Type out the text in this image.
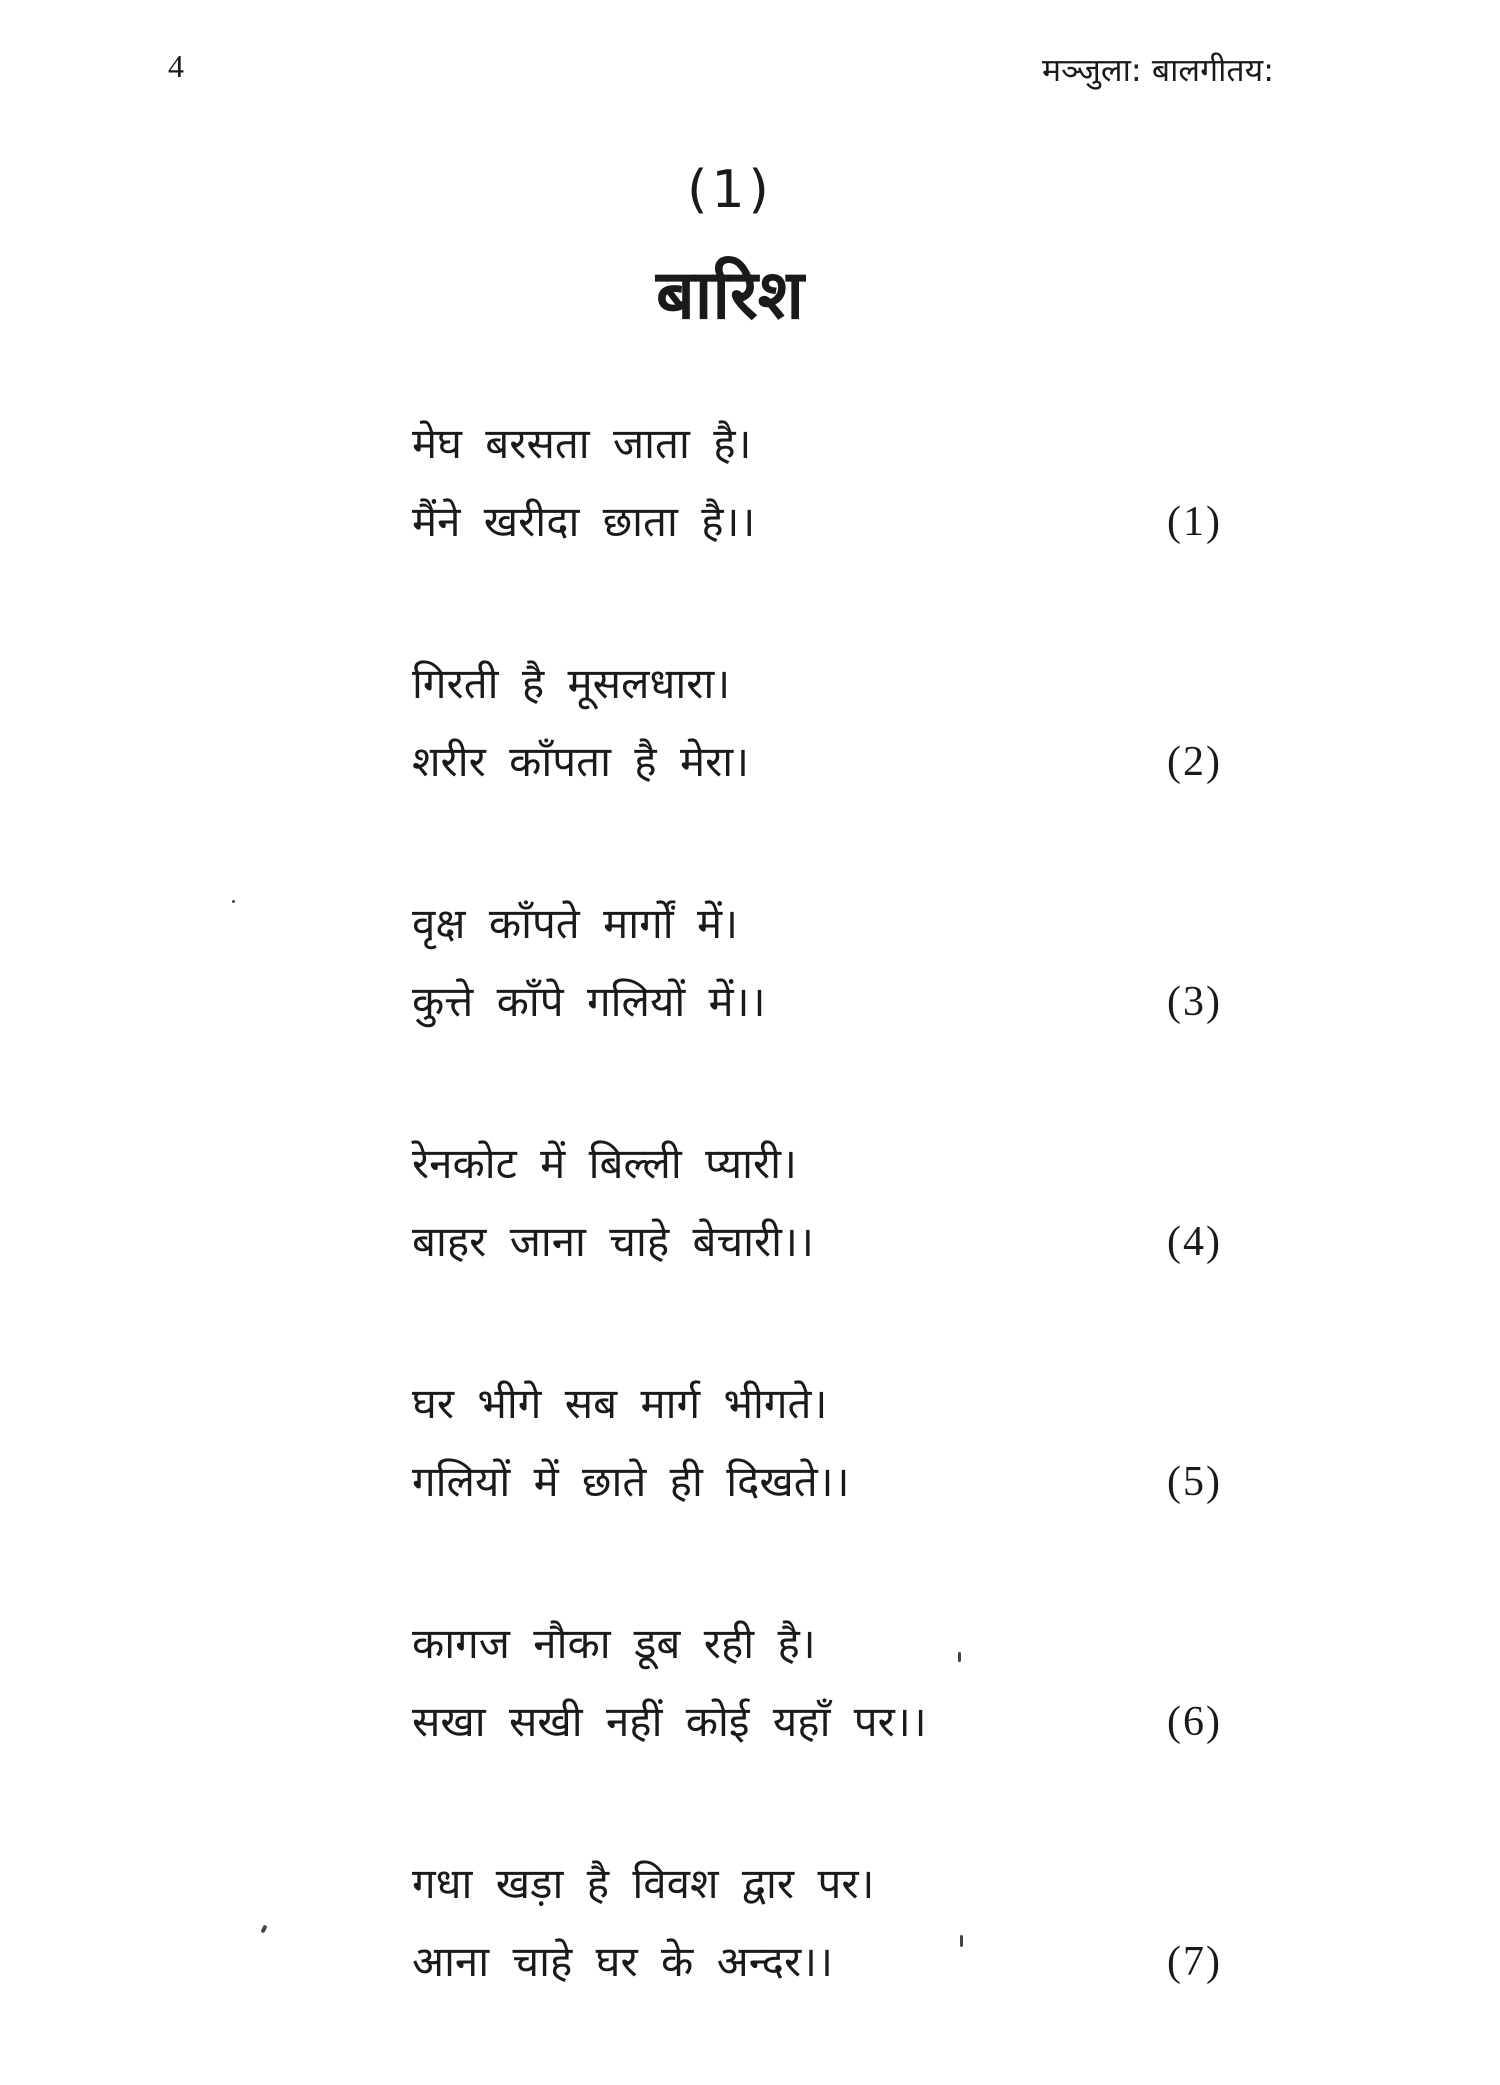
4	मञ्जुला: बालगीतय:
(1)
बारिश
मेघ बरसता जाता है।
मैंने खरीदा छाता है।।	(1)
गिरती है मूसलधारा।
शरीर काँपता है मेरा।	(2)
वृक्ष काँपते मार्गों में।
कुत्ते काँपे गलियों में।।	(3)
रेनकोट में बिल्ली प्यारी।
बाहर जाना चाहे बेचारी।।	(4)
घर भीगे सब मार्ग भीगते।
गलियों में छाते ही दिखते।।	(5)
कागज नौका डूब रही है।
सखा सखी नहीं कोई यहाँ पर।।	(6)
गधा खड़ा है विवश द्वार पर।
आना चाहे घर के अन्दर।।	(7)
